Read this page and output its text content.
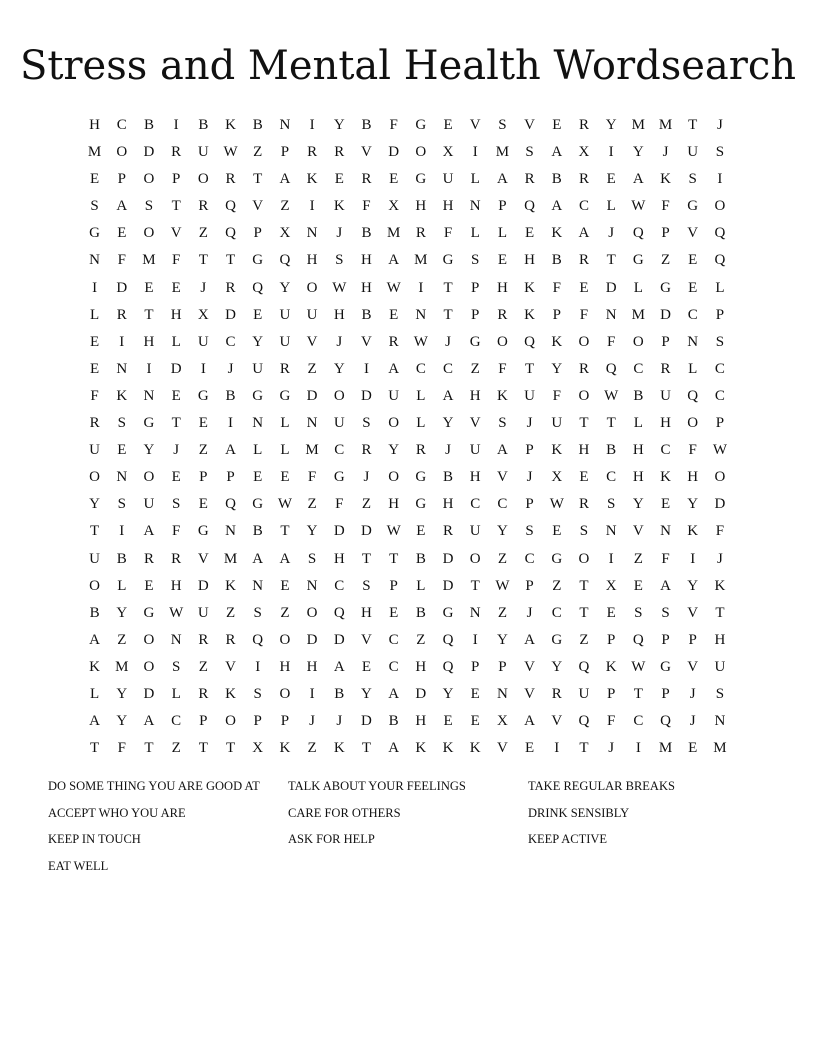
Stress and Mental Health Wordsearch
H	C	B	I	B	K	B	N	I	Y	B	F	G	E	V	S	V	E	R	Y	M M	T	J
M	O	D	R	U W	Z	P	R	R	V	D	O	X	I	M	S	A	X	I	Y	J	U	S
E	P	O	P	O	R	T	A	K	E	R	E	G	U	L	A	R	B	R	E	A	K	S	I
S	A	S	T	R	Q	V	Z	I	K	F	X	H	H	N	P	Q	A	C	L	W	F	G	O
G	E	O	V	Z	Q	P	X	N	J	B	M	R	F	L	L	E	K	A	J	Q	P	V	Q
N	F	M	F	T	T	G	Q	H	S	H	A	M	G	S	E	H	B	R	T	G	Z	E	Q
I	D	E	E	J	R	Q	Y	O W H W	I	T	P	H	K	F	E	D	L	G	E	L
L	R	T	H	X	D	E	U	U	H	B	E	N	T	P	R	K	P	F	N	M	D	C	P
E	I	H	L	U	C	Y	U	V	J	V	R	W	J	G	O	Q	K	O	F	O	P	N	S
E	N	I	D	I	J	U	R	Z	Y	I	A	C	C	Z	F	T	Y	R	Q	C	R	L	C
F	K	N	E	G	B	G	G	D	O	D	U	L	A	H	K	U	F	O W	B	U	Q	C
R	S	G	T	E	I	N	L	N	U	S	O	L	Y	V	S	J	U	T	T	L	H	O	P
U	E	Y	J	Z	A	L	L	M	C	R	Y	R	J	U	A	P	K	H	B	H	C	F	W
O	N	O	E	P	P	E	E	F	G	J	O	G	B	H	V	J	X	E	C	H	K	H	O
Y	S	U	S	E	Q	G W	Z	F	Z	H	G	H	C	C	P	W	R	S	Y	E	Y	D
T	I	A	F	G	N	B	T	Y	D	D W	E	R	U	Y	S	E	S	N	V	N	K	F
U	B	R	R	V	M	A	A	S	H	T	T	B	D	O	Z	C	G	O	I	Z	F	I	J
O	L	E	H	D	K	N	E	N	C	S	P	L	D	T	W	P	Z	T	X	E	A	Y	K
B	Y	G W U	Z	S	Z	O	Q	H	E	B	G	N	Z	J	C	T	E	S	S	V	T
A	Z	O	N	R	R	Q	O	D	D	V	C	Z	Q	I	Y	A	G	Z	P	Q	P	P	H
K	M	O	S	Z	V	I	H	H	A	E	C	H	Q	P	P	V	Y	Q	K W G	V	U
L	Y	D	L	R	K	S	O	I	B	Y	A	D	Y	E	N	V	R	U	P	T	P	J	S
A	Y	A	C	P	O	P	P	J	J	D	B	H	E	E	X	A	V	Q	F	C	Q	J	N
T	F	T	Z	T	T	X	K	Z	K	T	A	K	K	K	V	E	I	T	J	I	M	E	M
DO SOME THING YOU ARE GOOD AT	TALK ABOUT YOUR FEELINGS	TAKE REGULAR BREAKS
ACCEPT WHO YOU ARE	CARE FOR OTHERS	DRINK SENSIBLY
KEEP IN TOUCH	ASK FOR HELP	KEEP ACTIVE
EAT WELL
